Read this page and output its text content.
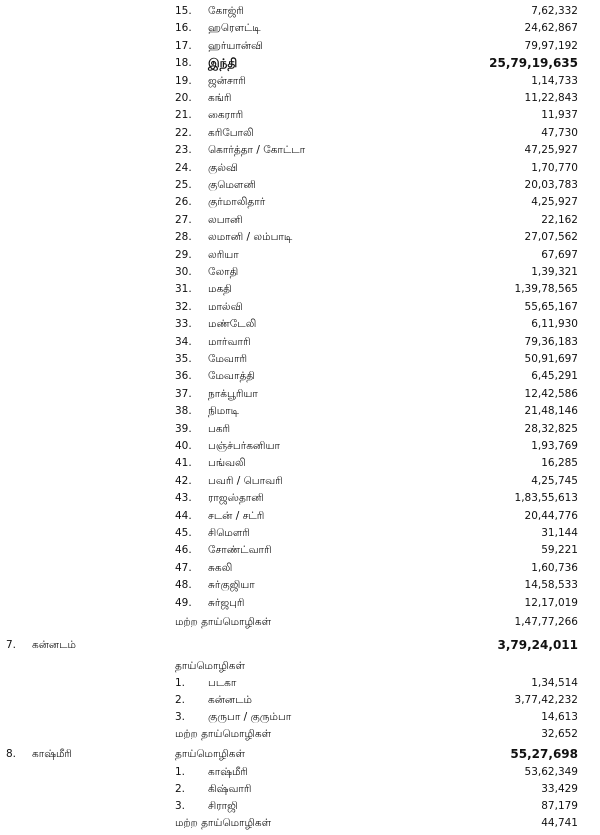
15. கோஜ்ரி	7,62,332
16. ஹரௌட்டி	24,62,867
17. ஹர்யான்வி	79,97,192
18. இந்தி	25,79,19,635
19. ஜன்சாரி	1,14,733
20. கங்ரி	11,22,843
21. கைராரி	11,937
22. கரிபோலி	47,730
23. கொர்த்தா / கோட்டா	47,25,927
24. குல்வி	1,70,770
25. குமௌனி	20,03,783
26. குர்மாலிதார்	4,25,927
27. லபானி	22,162
28. லமானி / லம்பாடி	27,07,562
29. லரியா	67,697
30. லோதி	1,39,321
31. மகதி	1,39,78,565
32. மால்வி	55,65,167
33. மண்டேலி	6,11,930
34. மார்வாரி	79,36,183
35. மேவாரி	50,91,697
36. மேவாத்தி	6,45,291
37. நாக்பூரியா	12,42,586
38. நிமாடி	21,48,146
39. பகரி	28,32,825
40. பஞ்ச்பர்கனியா	1,93,769
41. பங்வலி	16,285
42. பவரி / பொவரி	4,25,745
43. ராஜஸ்தானி	1,83,55,613
44. சடன் / சட்ரி	20,44,776
45. சிமௌரி	31,144
46. சோண்ட்வாரி	59,221
47. சுகலி	1,60,736
48. சுர்குஜியா	14,58,533
49. சுர்ஜபுரி	12,17,019
மற்ற தாய்மொழிகள்	1,47,77,266
7. கன்னடம்	3,79,24,011
தாய்மொழிகள்
1. படகா	1,34,514
2. கன்னடம்	3,77,42,232
3. குருபா / குரும்பா	14,613
மற்ற தாய்மொழிகள்	32,652
8. காஷ்மீரி	தாய்மொழிகள்	55,27,698
1. காஷ்மீரி	53,62,349
2. கிஷ்வாரி	33,429
3. சிராஜி	87,179
மற்ற தாய்மொழிகள்	44,741
